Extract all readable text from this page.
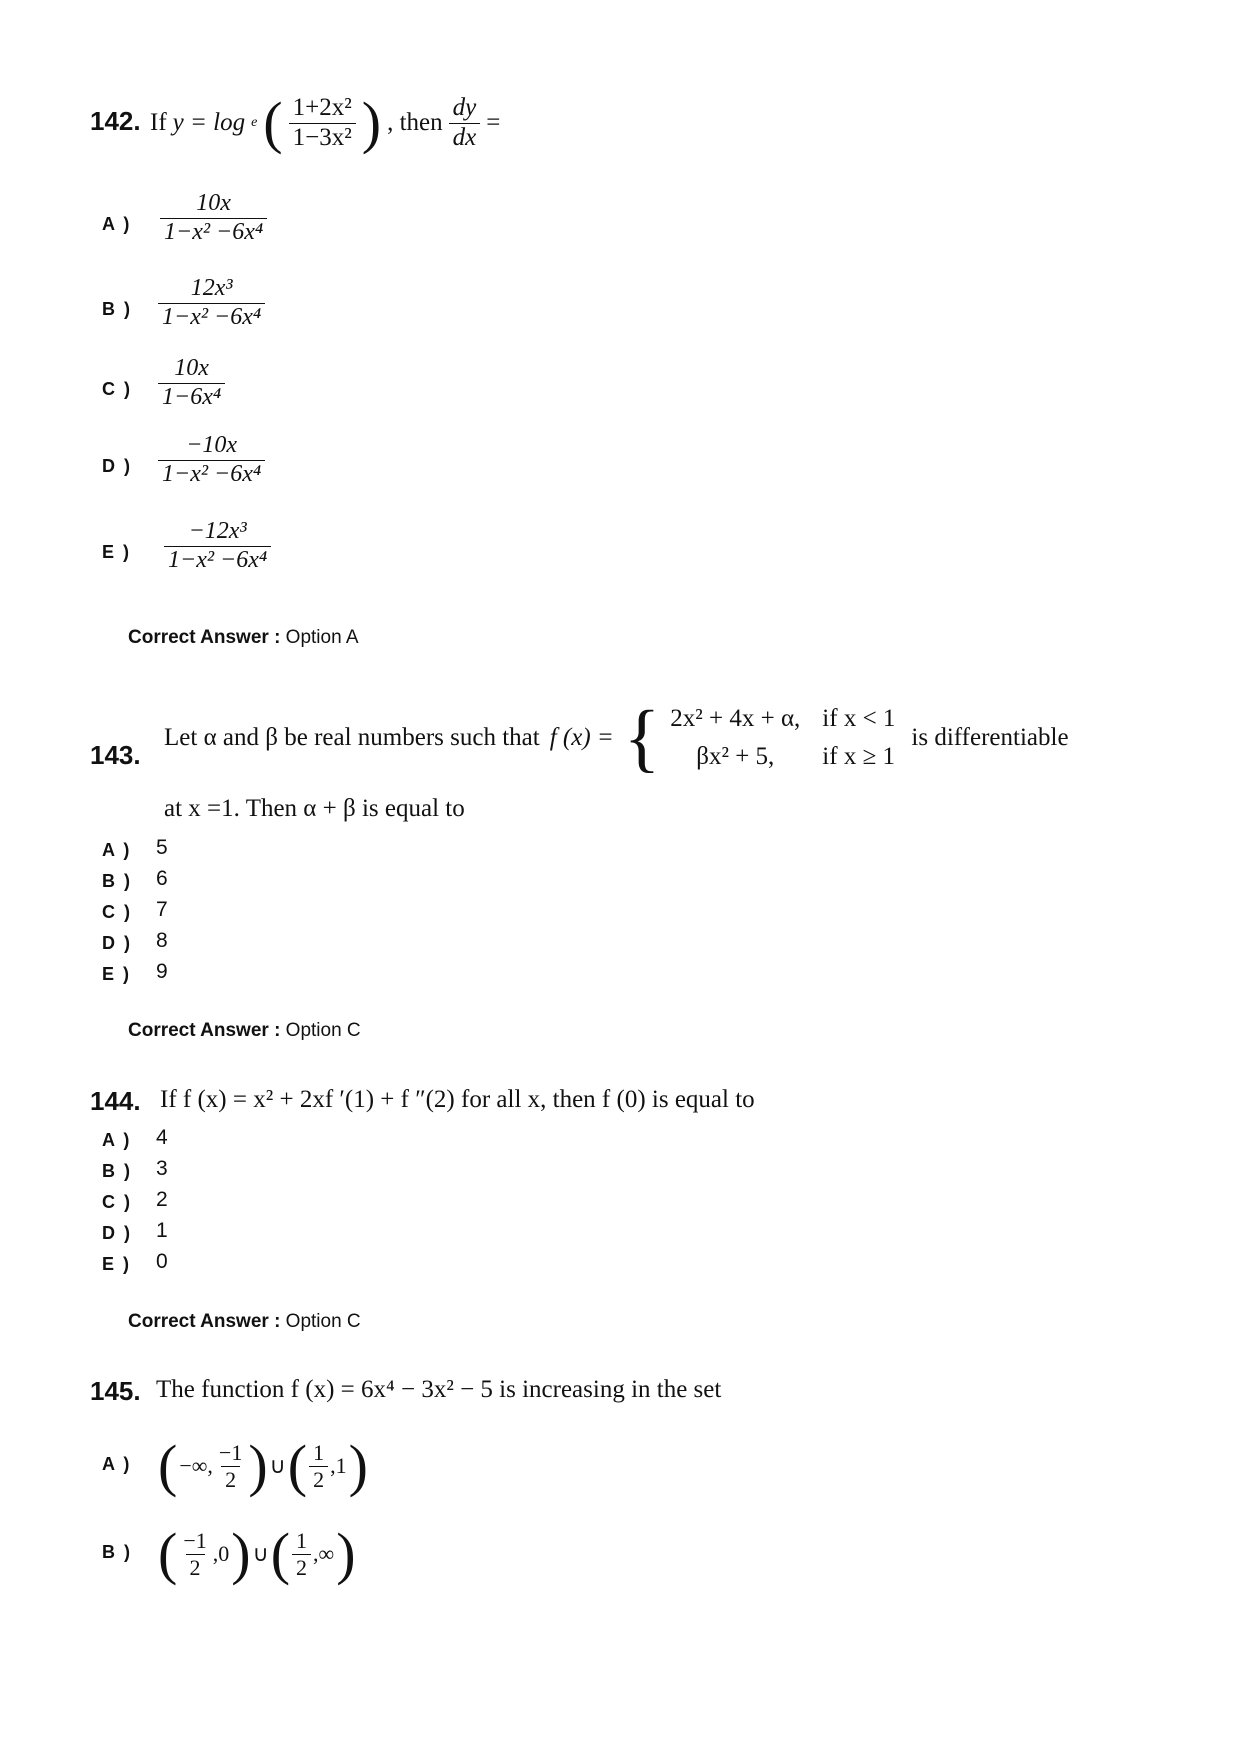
142. If y = log e ( $\frac{\text{1+2x²}}{\text{1−3x²}}$ ) , then $\frac{dy}{dx}$ =
A ) $\frac{10x}{\text{1−x² −6x⁴}}$
B ) $\frac{\text{12x³}}{\text{1−x² −6x⁴}}$
C ) $\frac{10x}{\text{1−6x⁴}}$
D ) $\frac{-10x}{\text{1−x² −6x⁴}}$
E ) $\frac{\text{−12x³}}{\text{1−x² −6x⁴}}$
Correct Answer : Option A
143.
Let α and β be real numbers such that f (x) = { 2x² + 4x + α, if x < 1
βx² + 5,	if x ≥ 1
is differentiable
at x =1. Then α + β is equal to
A ) 5
B ) 6
C ) 7
D ) 8
E ) 9
Correct Answer : Option C
144. If f (x) = x² + 2xf ′(1) + f ″(2) for all x, then f (0) is equal to
A ) 4
B ) 3
C ) 2
D ) 1
E ) 0
Correct Answer : Option C
145. The function f (x) = 6x⁴ − 3x² − 5 is increasing in the set
A ) ( −∞, $\frac{-1}{2}$ ) ∪ ( $\frac{1}{2} ,1$ )
B ) ( $\frac{-1}{2} ,0$ ) ∪ ( $\frac{1}{2}$ ,∞ )
